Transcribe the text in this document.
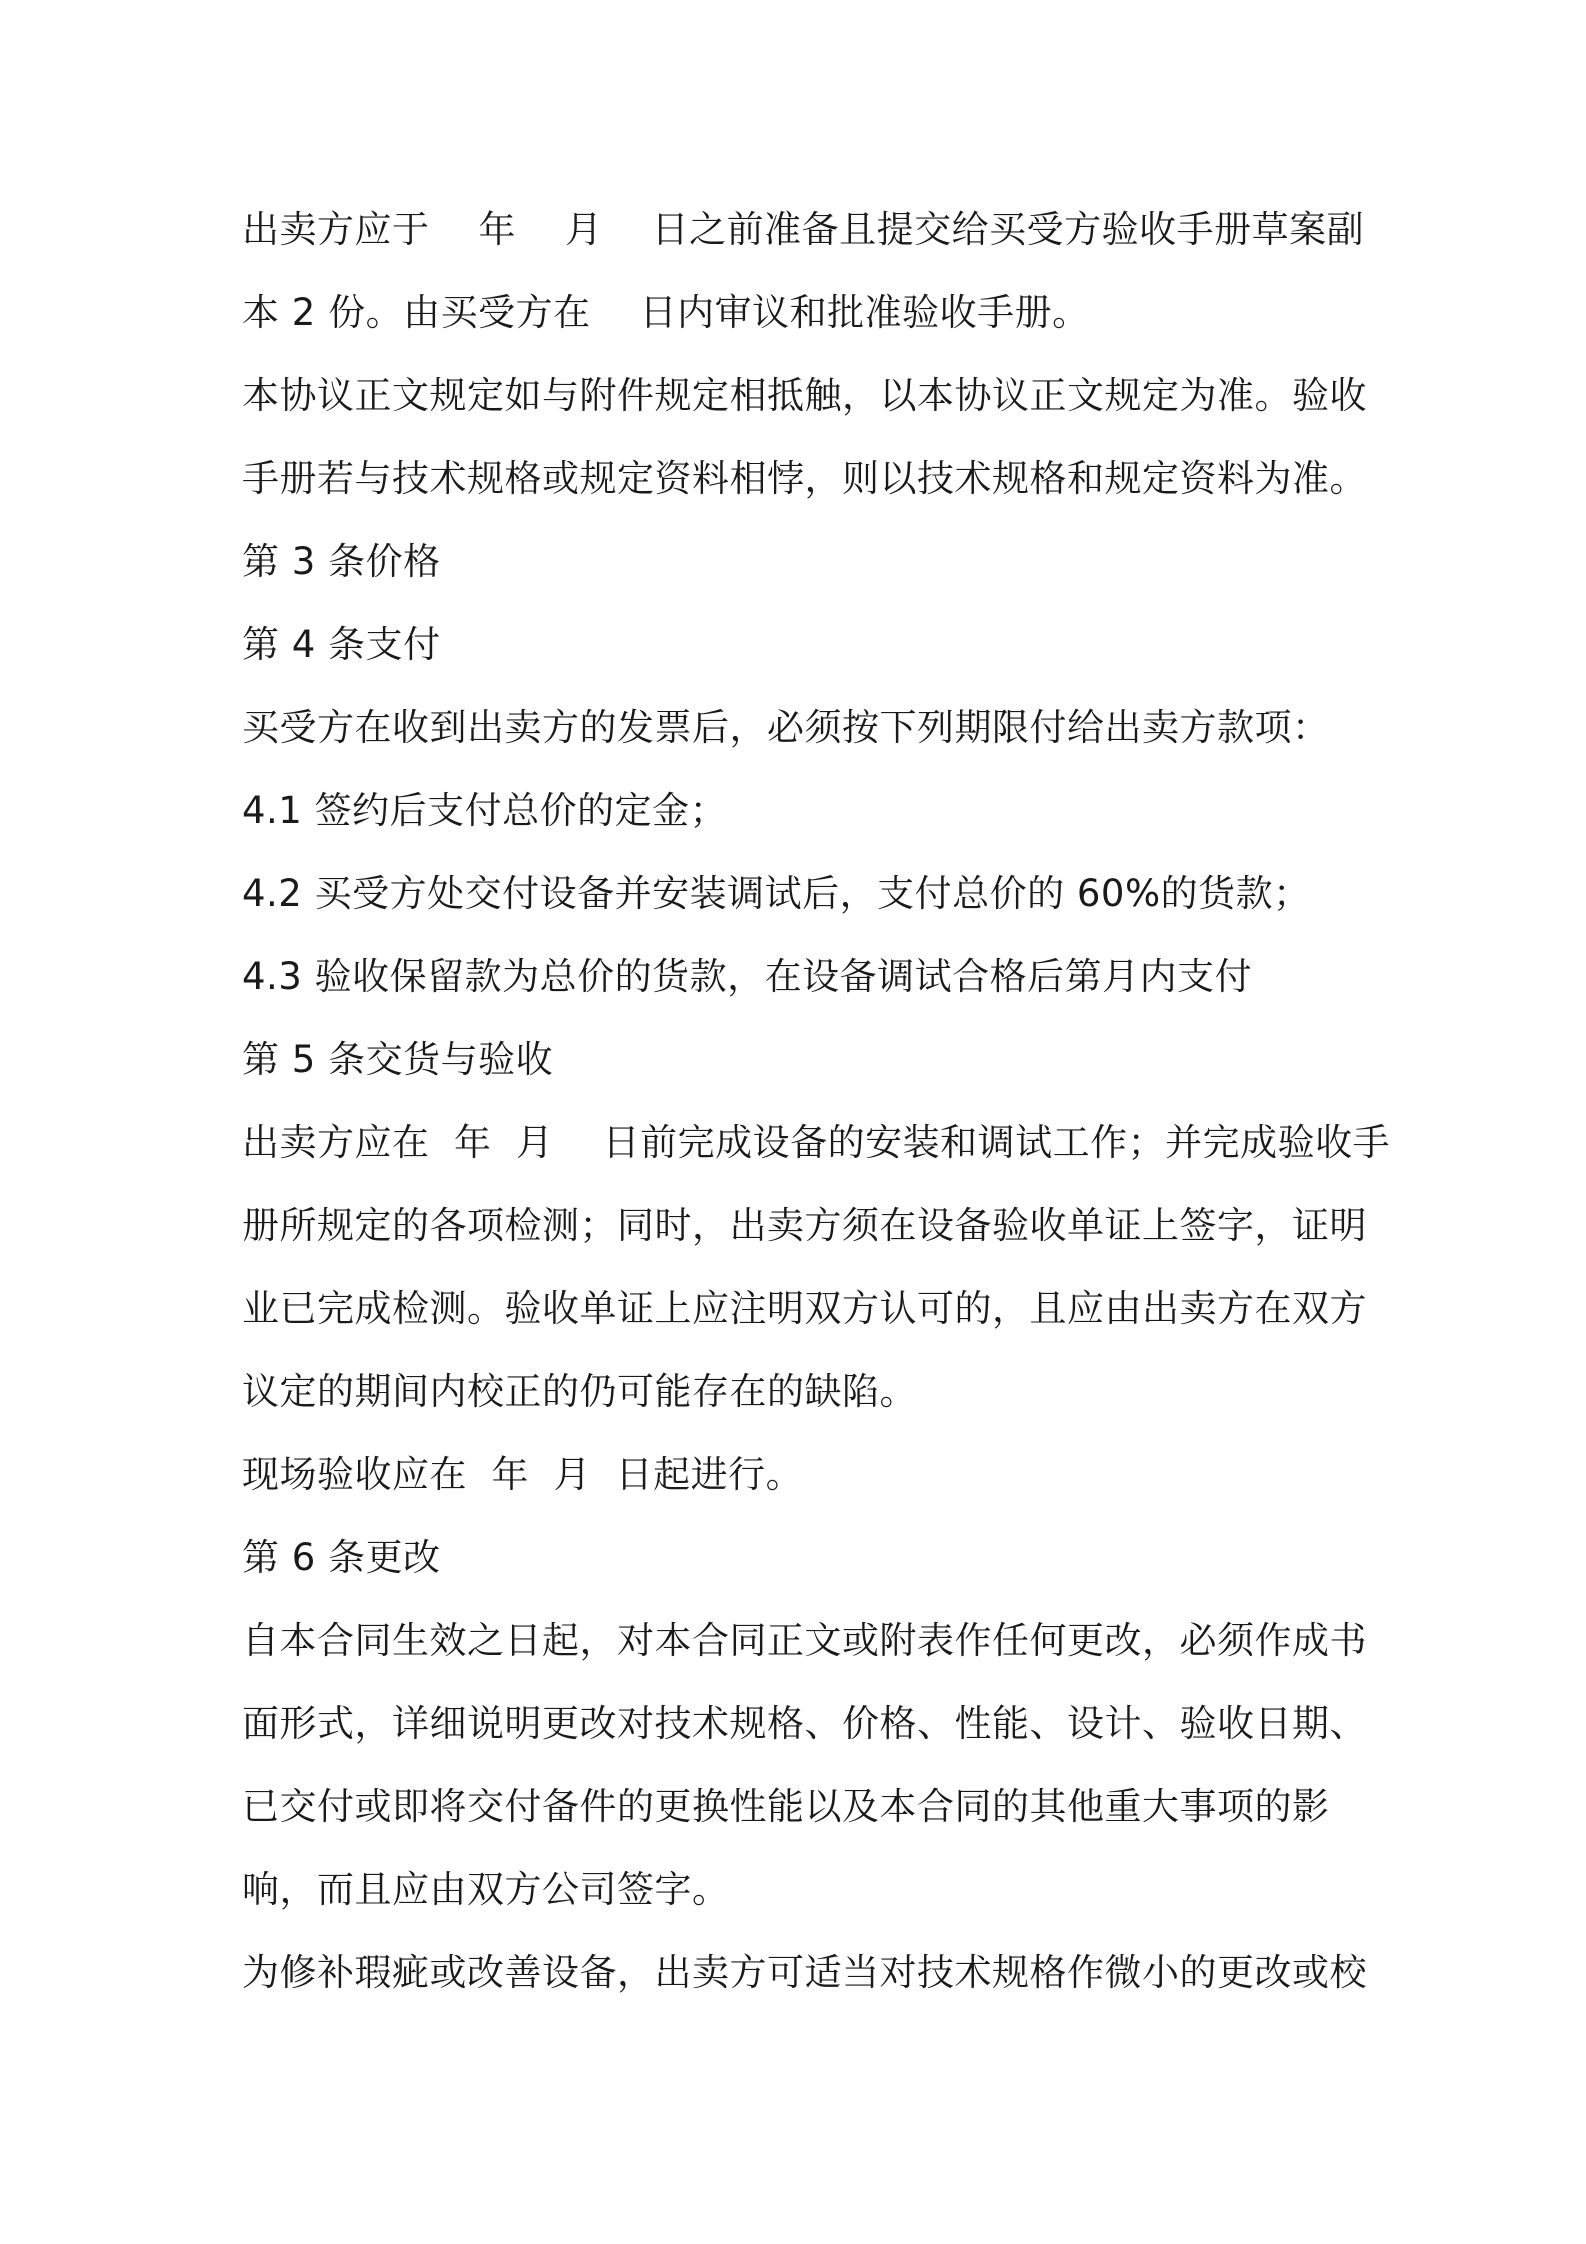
出卖方应于    年    月    日之前准备且提交给买受方验收手册草案副
本 2 份。由买受方在    日内审议和批准验收手册。
本协议正文规定如与附件规定相抵触，以本协议正文规定为准。验收
手册若与技术规格或规定资料相悖，则以技术规格和规定资料为准。
第 3 条价格
第 4 条支付
买受方在收到出卖方的发票后，必须按下列期限付给出卖方款项：
4.1 签约后支付总价的定金；
4.2 买受方处交付设备并安装调试后，支付总价的 60%的货款；
4.3 验收保留款为总价的货款，在设备调试合格后第月内支付
第 5 条交货与验收
出卖方应在  年  月    日前完成设备的安装和调试工作；并完成验收手
册所规定的各项检测；同时，出卖方须在设备验收单证上签字，证明
业已完成检测。验收单证上应注明双方认可的，且应由出卖方在双方
议定的期间内校正的仍可能存在的缺陷。
现场验收应在  年  月  日起进行。
第 6 条更改
自本合同生效之日起，对本合同正文或附表作任何更改，必须作成书
面形式，详细说明更改对技术规格、价格、性能、设计、验收日期、
已交付或即将交付备件的更换性能以及本合同的其他重大事项的影
响，而且应由双方公司签字。
为修补瑕疵或改善设备，出卖方可适当对技术规格作微小的更改或校
